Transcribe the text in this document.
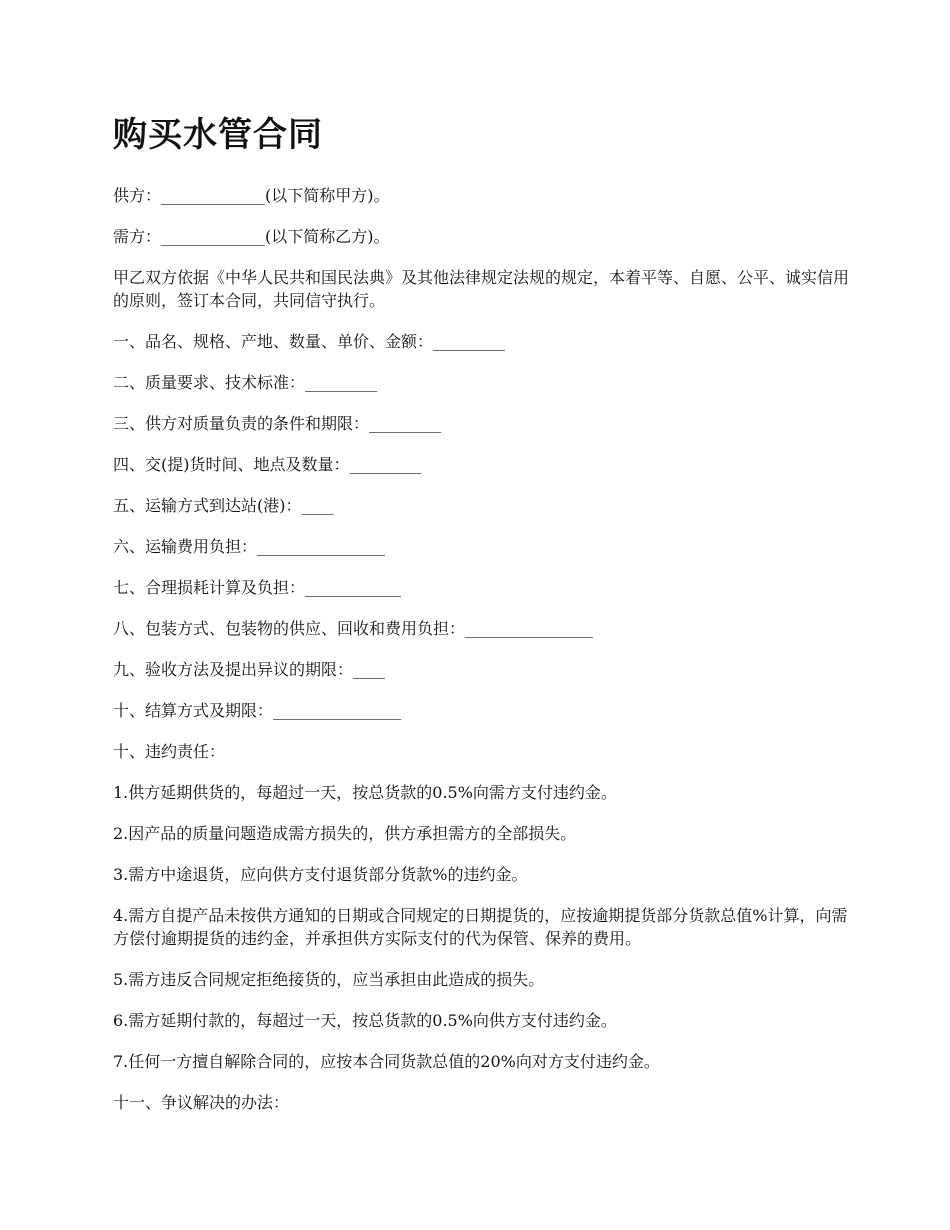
购买水管合同

供方：_____________(以下简称甲方)。

需方：_____________(以下简称乙方)。

甲乙双方依据《中华人民共和国民法典》及其他法律规定法规的规定，本着平等、自愿、公平、诚实信用的原则，签订本合同，共同信守执行。

一、品名、规格、产地、数量、单价、金额：_________

二、质量要求、技术标准：_________

三、供方对质量负责的条件和期限：_________

四、交(提)货时间、地点及数量：_________

五、运输方式到达站(港)：____

六、运输费用负担：________________

七、合理损耗计算及负担：____________

八、包装方式、包装物的供应、回收和费用负担：________________

九、验收方法及提出异议的期限：____

十、结算方式及期限：________________

十、违约责任：

1.供方延期供货的，每超过一天，按总货款的0.5%向需方支付违约金。

2.因产品的质量问题造成需方损失的，供方承担需方的全部损失。

3.需方中途退货，应向供方支付退货部分货款%的违约金。

4.需方自提产品未按供方通知的日期或合同规定的日期提货的，应按逾期提货部分货款总值%计算，向需方偿付逾期提货的违约金，并承担供方实际支付的代为保管、保养的费用。

5.需方违反合同规定拒绝接货的，应当承担由此造成的损失。

6.需方延期付款的，每超过一天，按总货款的0.5%向供方支付违约金。

7.任何一方擅自解除合同的，应按本合同货款总值的20%向对方支付违约金。

十一、争议解决的办法：
